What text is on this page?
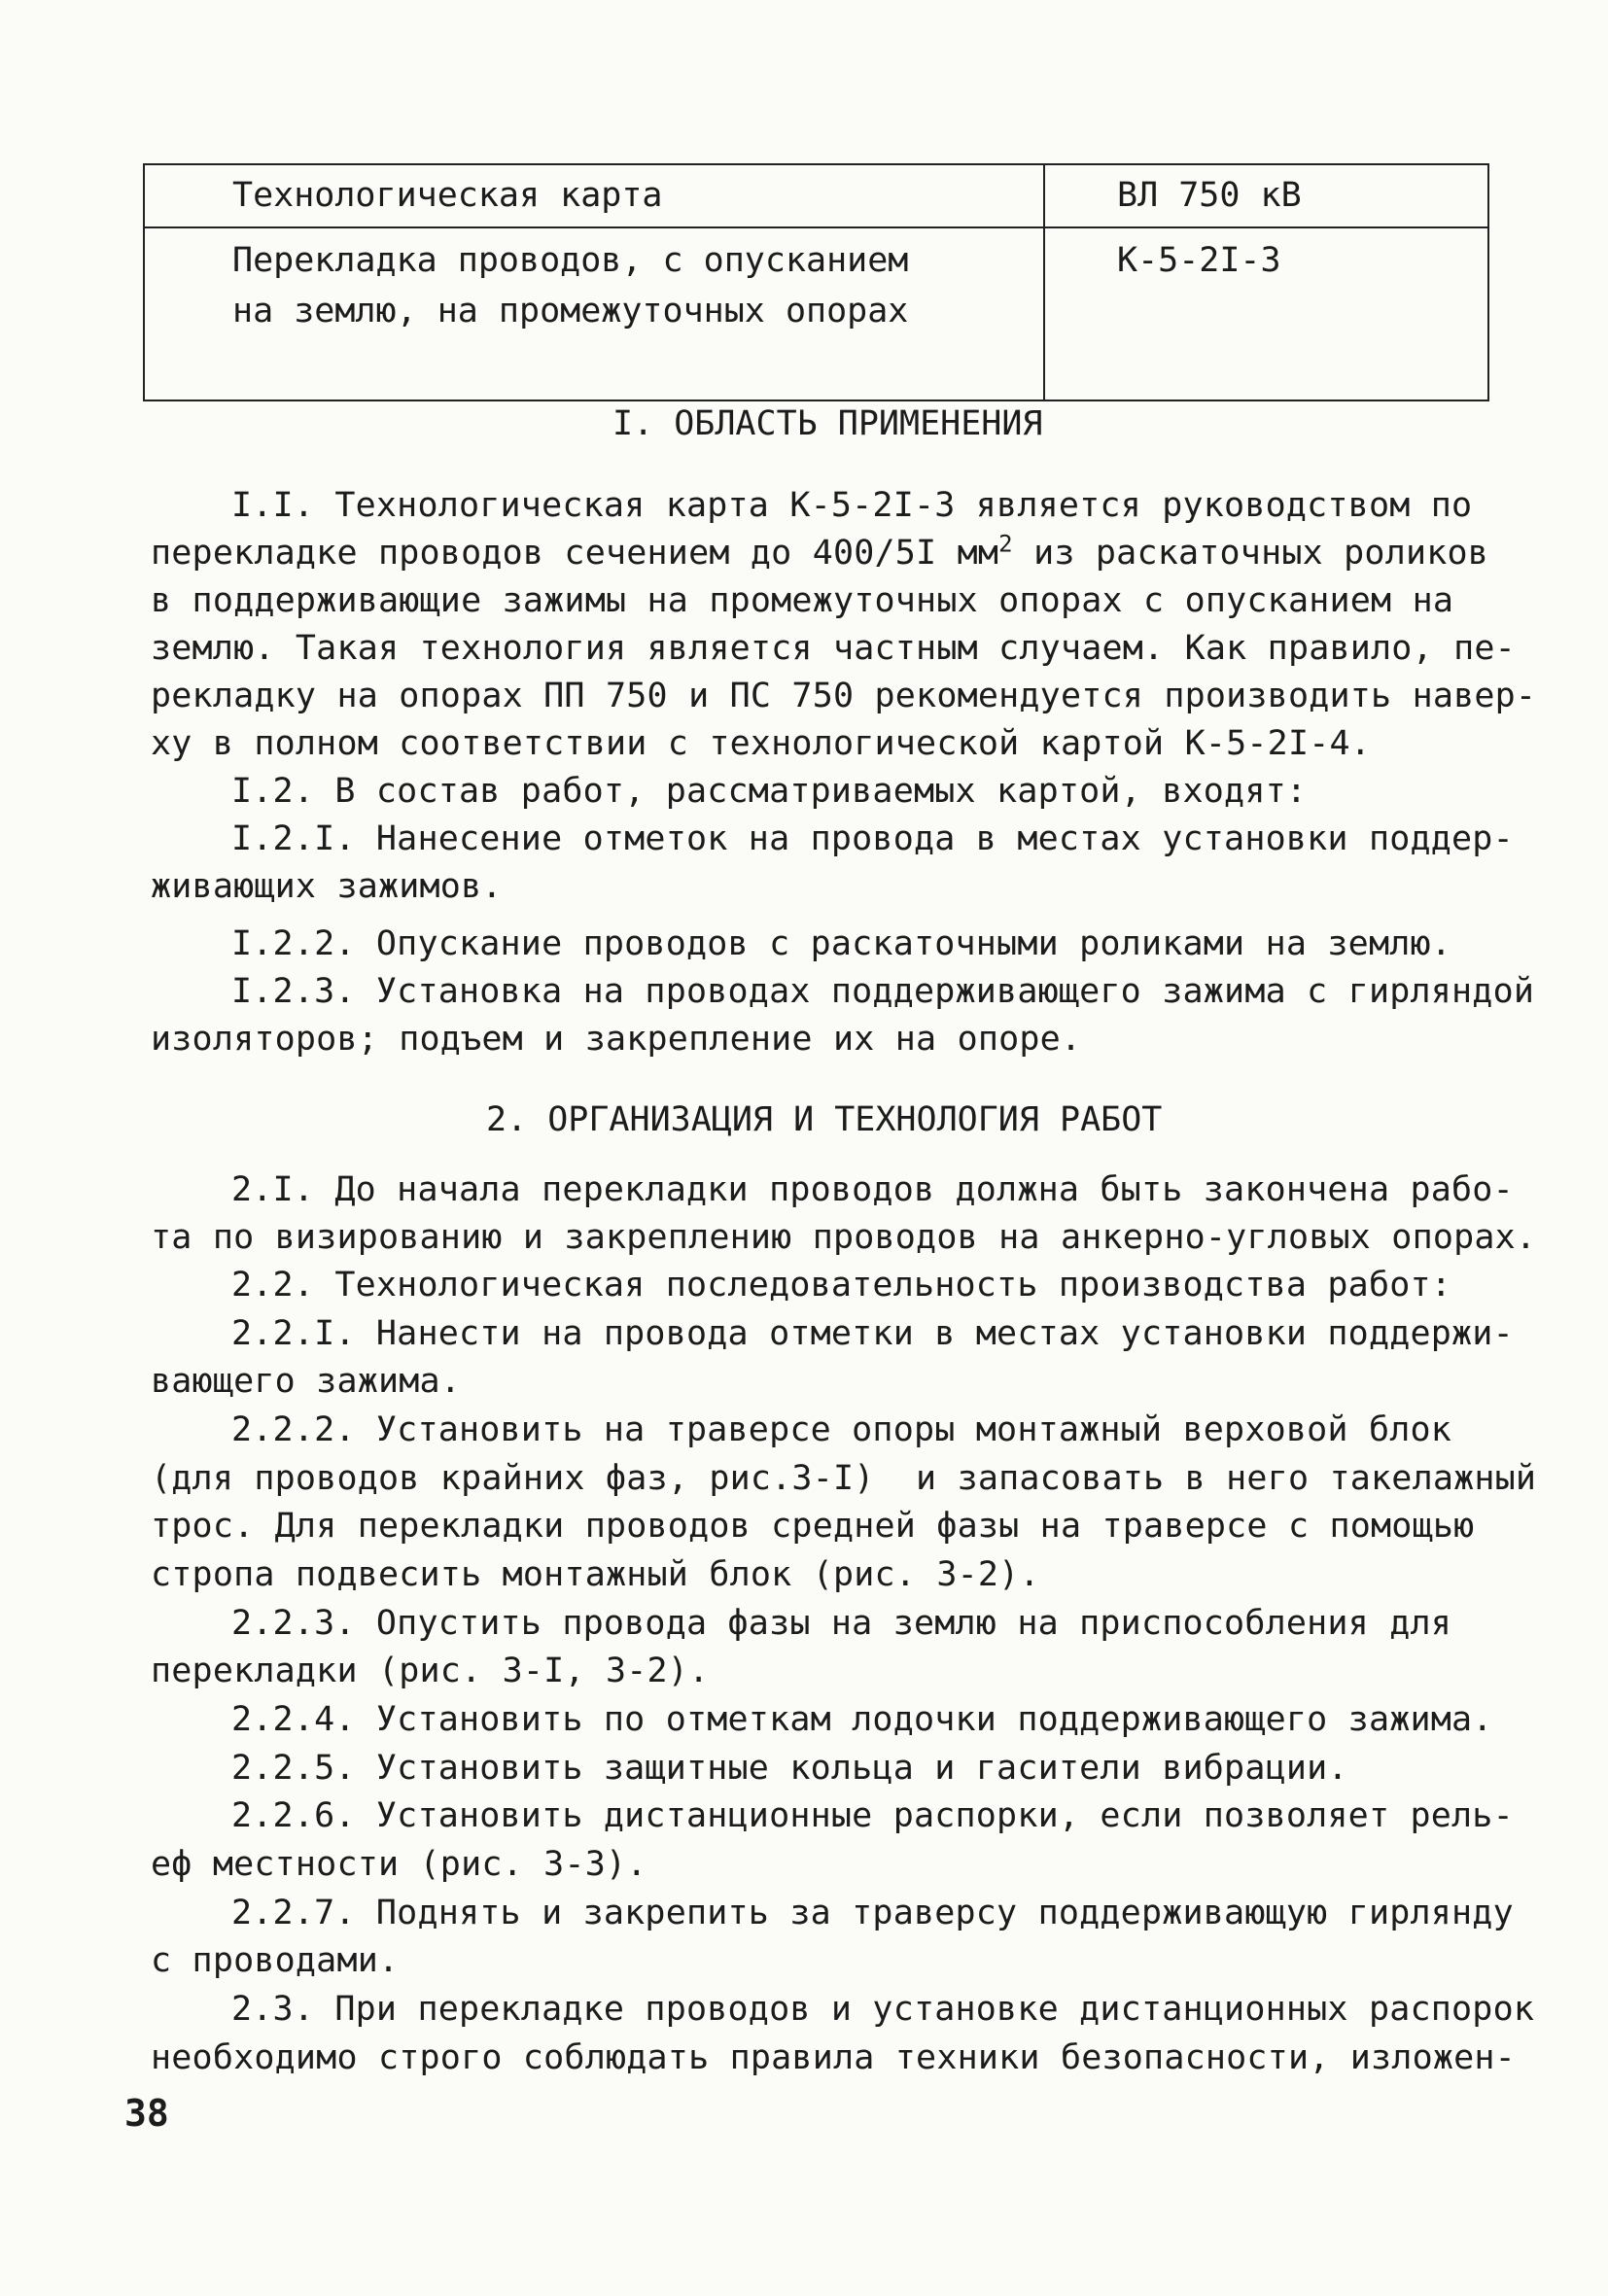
Технологическая карта	ВЛ 750 кВ
Перекладка проводов, с опусканием
на землю, на промежуточных опорах
К-5-2I-3
I. ОБЛАСТЬ ПРИМЕНЕНИЯ
I.I. Технологическая карта К-5-2I-3 является руководством по
перекладке проводов сечением до 400/5I $мм^2$ из раскаточных роликов
в поддерживающие зажимы на промежуточных опорах с опусканием на
землю. Такая технология является частным случаем. Как правило, пе-
рекладку на опорах ПП 750 и ПС 750 рекомендуется производить навер-
ху в полном соответствии с технологической картой К-5-2I-4.
I.2. В состав работ, рассматриваемых картой, входят:
I.2.I. Нанесение отметок на провода в местах установки поддер-
живающих зажимов.
I.2.2. Опускание проводов с раскаточными роликами на землю.
I.2.3. Установка на проводах поддерживающего зажима с гирляндой
изоляторов; подъем и закрепление их на опоре.
2. ОРГАНИЗАЦИЯ И ТЕХНОЛОГИЯ РАБОТ
2.I. До начала перекладки проводов должна быть закончена рабо-
та по визированию и закреплению проводов на анкерно-угловых опорах.
2.2. Технологическая последовательность производства работ:
2.2.I. Нанести на провода отметки в местах установки поддержи-
вающего зажима.
2.2.2. Установить на траверсе опоры монтажный верховой блок
(для проводов крайних фаз, рис.3-I)  и запасовать в него такелажный
трос. Для перекладки проводов средней фазы на траверсе с помощью
стропа подвесить монтажный блок (рис. 3-2).
2.2.3. Опустить провода фазы на землю на приспособления для
перекладки (рис. 3-I, 3-2).
2.2.4. Установить по отметкам лодочки поддерживающего зажима.
2.2.5. Установить защитные кольца и гасители вибрации.
2.2.6. Установить дистанционные распорки, если позволяет рель-
еф местности (рис. 3-3).
2.2.7. Поднять и закрепить за траверсу поддерживающую гирлянду
с проводами.
2.3. При перекладке проводов и установке дистанционных распорок
необходимо строго соблюдать правила техники безопасности, изложен-
38
